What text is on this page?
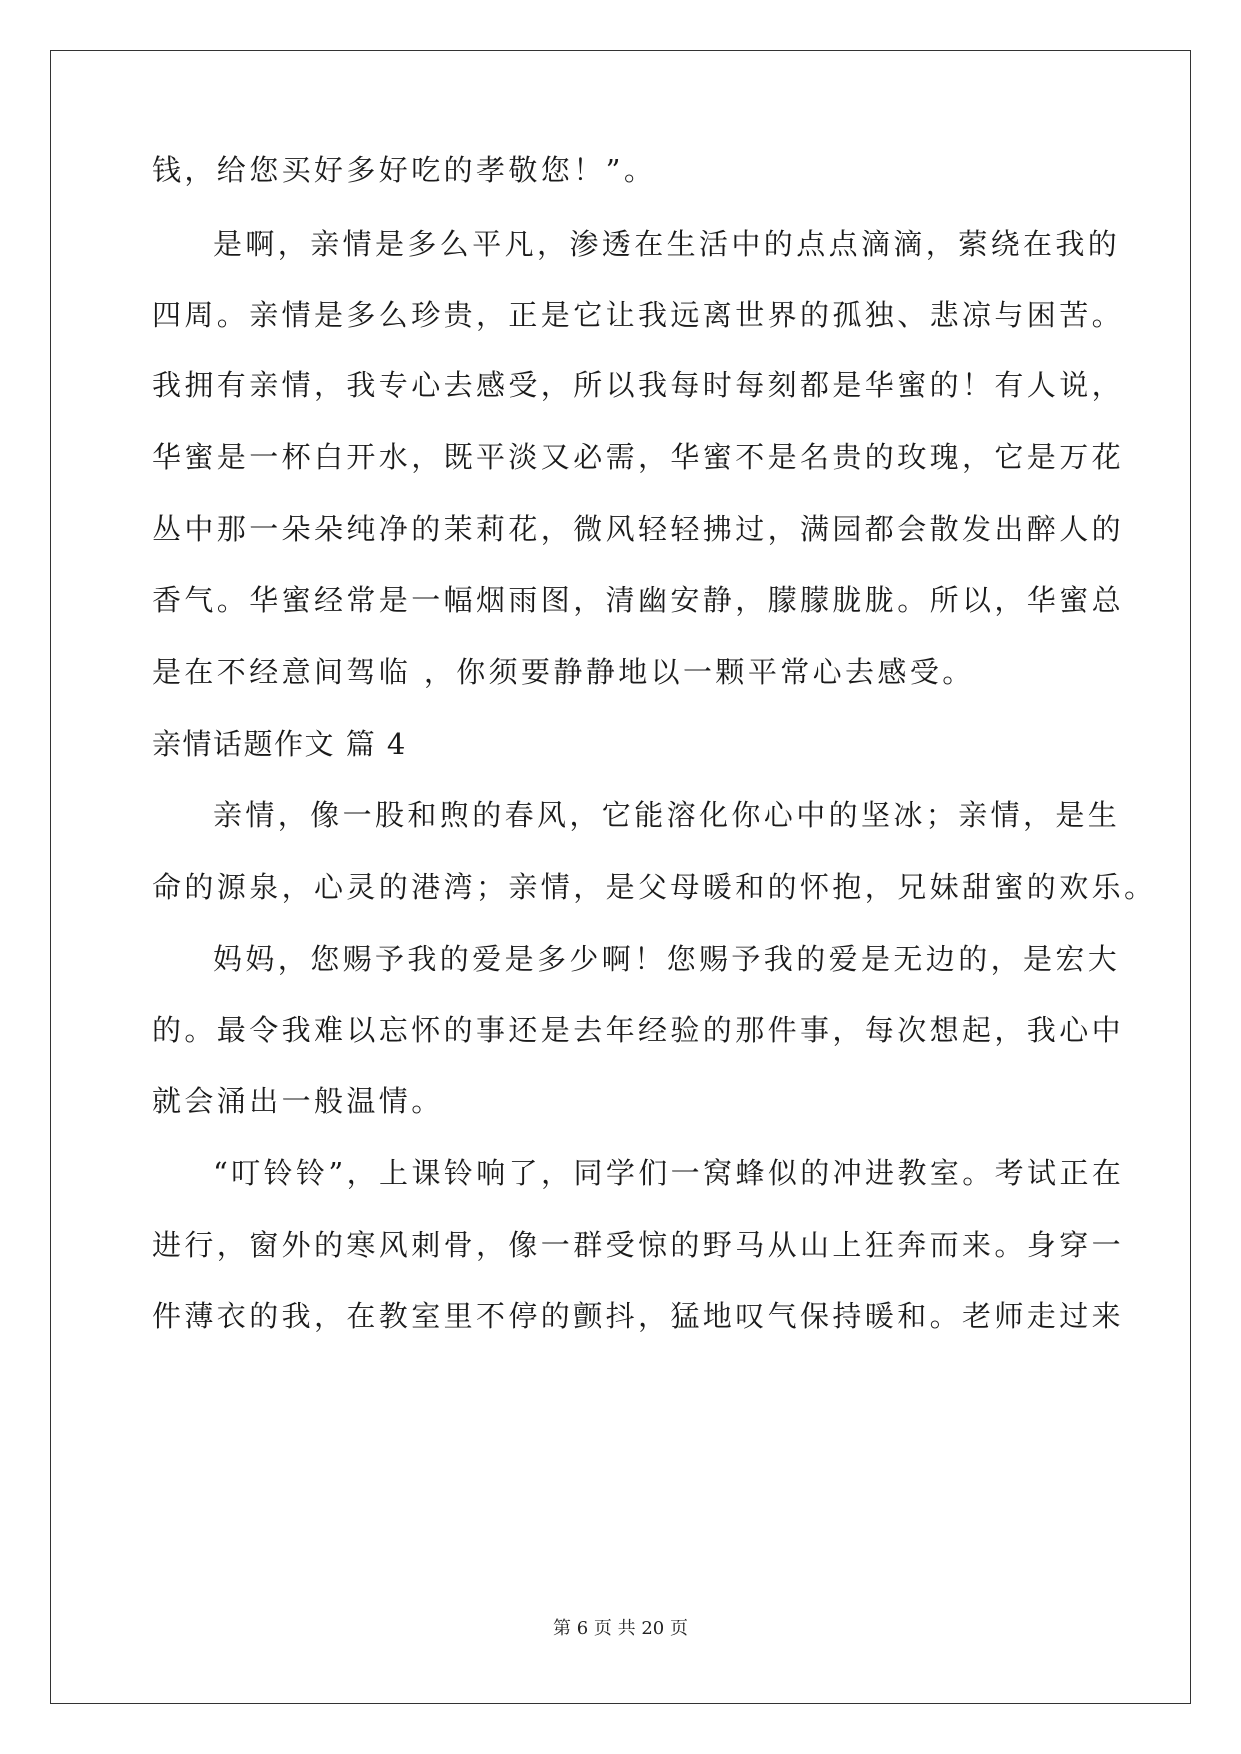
钱，给您买好多好吃的孝敬您！”。
是啊，亲情是多么平凡，渗透在生活中的点点滴滴，萦绕在我的
四周。亲情是多么珍贵，正是它让我远离世界的孤独、悲凉与困苦。
我拥有亲情，我专心去感受，所以我每时每刻都是华蜜的！有人说，
华蜜是一杯白开水，既平淡又必需，华蜜不是名贵的玫瑰，它是万花
丛中那一朵朵纯净的茉莉花，微风轻轻拂过，满园都会散发出醉人的
香气。华蜜经常是一幅烟雨图，清幽安静，朦朦胧胧。所以，华蜜总
是在不经意间驾临 ，你须要静静地以一颗平常心去感受。
亲情话题作文 篇 4
亲情，像一股和煦的春风，它能溶化你心中的坚冰；亲情，是生
命的源泉，心灵的港湾；亲情，是父母暖和的怀抱，兄妹甜蜜的欢乐。
妈妈，您赐予我的爱是多少啊！您赐予我的爱是无边的，是宏大
的。最令我难以忘怀的事还是去年经验的那件事，每次想起，我心中
就会涌出一般温情。
“叮铃铃”，上课铃响了，同学们一窝蜂似的冲进教室。考试正在
进行，窗外的寒风刺骨，像一群受惊的野马从山上狂奔而来。身穿一
件薄衣的我，在教室里不停的颤抖，猛地叹气保持暖和。老师走过来
第 6 页 共 20 页
